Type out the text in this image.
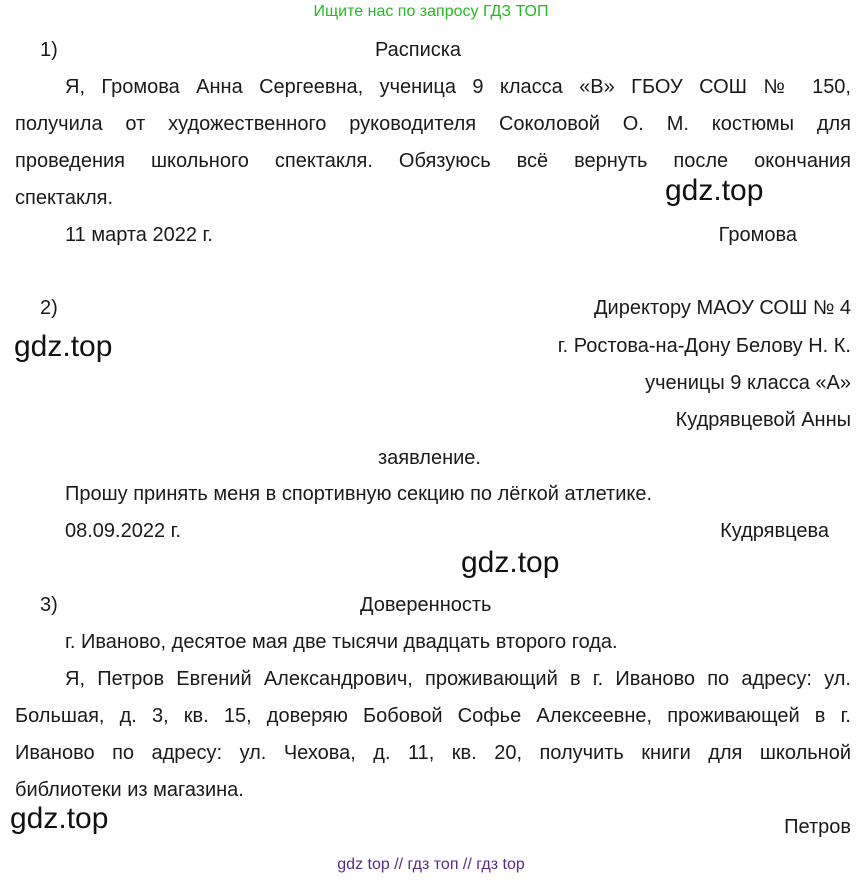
Ищите нас по запросу ГДЗ ТОП
1)	Расписка
Я, Громова Анна Сергеевна, ученица 9 класса «В» ГБОУ СОШ № 150,
получила от художественного руководителя Соколовой О. М. костюмы для
проведения школьного спектакля. Обязуюсь всё вернуть после окончания
спектакля.	gdz.top
11 марта 2022 г.	Громова
2)	Директору МАОУ СОШ № 4
gdz.top	г. Ростова-на-Дону Белову Н. К.
ученицы 9 класса «А»
Кудрявцевой Анны
заявление.
Прошу принять меня в спортивную секцию по лёгкой атлетике.
08.09.2022 г.	Кудрявцева
gdz.top
3)	Доверенность
г. Иваново, десятое мая две тысячи двадцать второго года.
Я, Петров Евгений Александрович, проживающий в г. Иваново по адресу: ул.
Большая, д. 3, кв. 15, доверяю Бобовой Софье Алексеевне, проживающей в г.
Иваново по адресу: ул. Чехова, д. 11, кв. 20, получить книги для школьной
библиотеки из магазина.
gdz.top	Петров
gdz top // гдз топ // гдз top
